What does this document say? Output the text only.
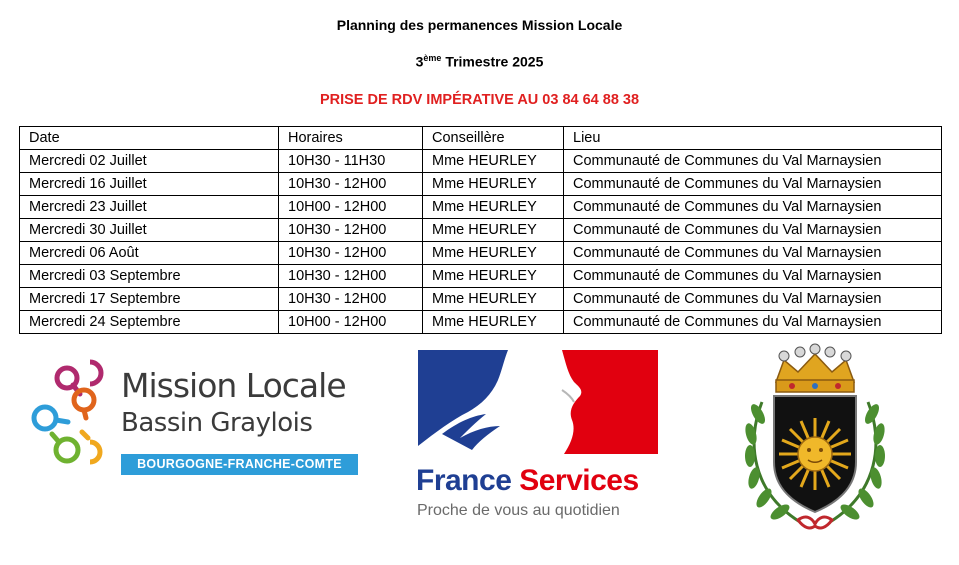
Planning des permanences Mission Locale
3ème Trimestre 2025
PRISE DE RDV IMPÉRATIVE AU 03 84 64 88 38
Date	Horaires	Conseillère	Lieu
Mercredi 02 Juillet	10H30 - 11H30	Mme HEURLEY	Communauté de Communes du Val Marnaysien
Mercredi 16 Juillet	10H30 - 12H00	Mme HEURLEY	Communauté de Communes du Val Marnaysien
Mercredi 23 Juillet	10H00 - 12H00	Mme HEURLEY	Communauté de Communes du Val Marnaysien
Mercredi 30 Juillet	10H30 - 12H00	Mme HEURLEY	Communauté de Communes du Val Marnaysien
Mercredi 06 Août	10H30 - 12H00	Mme HEURLEY	Communauté de Communes du Val Marnaysien
Mercredi 03 Septembre	10H30 - 12H00	Mme HEURLEY	Communauté de Communes du Val Marnaysien
Mercredi 17 Septembre	10H30 - 12H00	Mme HEURLEY	Communauté de Communes du Val Marnaysien
Mercredi 24 Septembre	10H00 - 12H00	Mme HEURLEY	Communauté de Communes du Val Marnaysien
Mission Locale
Bassin Graylois
BOURGOGNE-FRANCHE-COMTE	France Services
Proche de vous au quotidien
